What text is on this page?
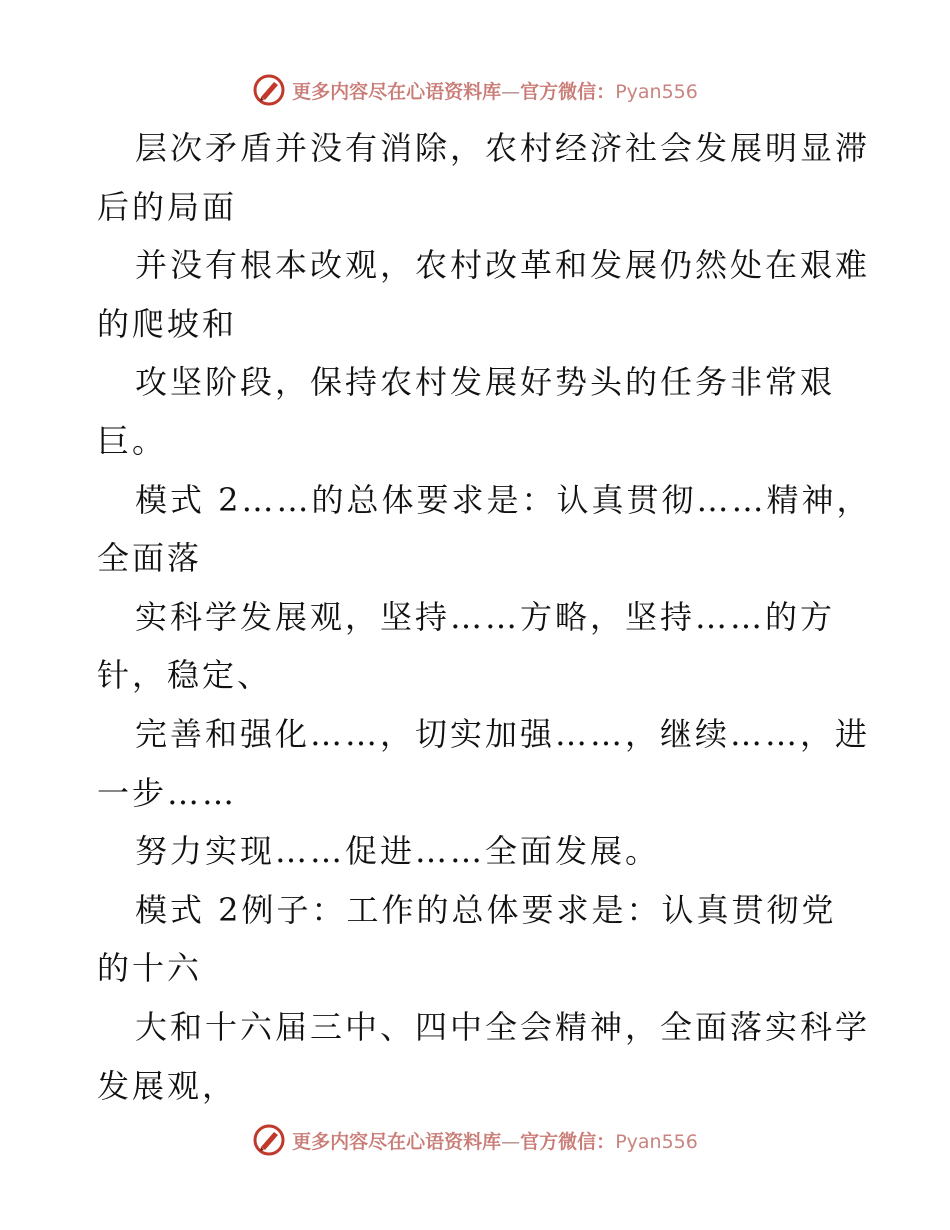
更多内容尽在心语资料库—官方微信：Pyan556
层次矛盾并没有消除，农村经济社会发展明显滞
后的局面
并没有根本改观，农村改革和发展仍然处在艰难
的爬坡和
攻坚阶段，保持农村发展好势头的任务非常艰
巨。
模式 2……的总体要求是：认真贯彻……精神，
全面落
实科学发展观，坚持……方略，坚持……的方
针，稳定、
完善和强化……，切实加强……，继续……，进
一步……
努力实现……促进……全面发展。
模式 2例子：工作的总体要求是：认真贯彻党
的十六
大和十六届三中、四中全会精神，全面落实科学
发展观，
更多内容尽在心语资料库—官方微信：Pyan556
